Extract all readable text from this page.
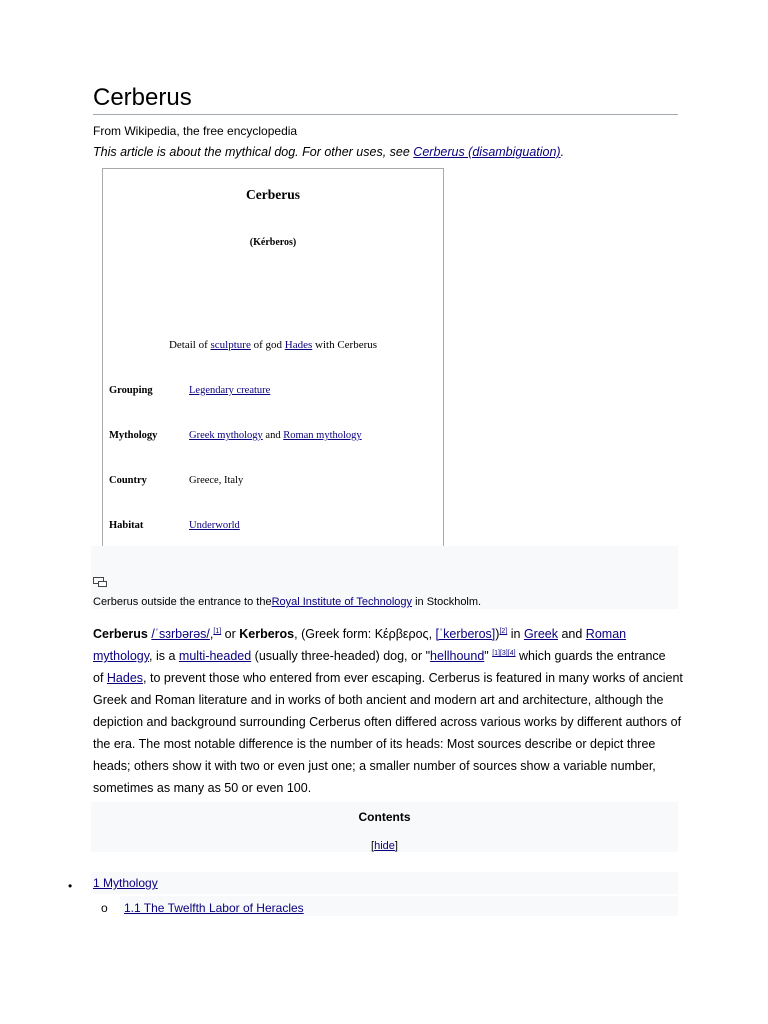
Cerberus
From Wikipedia, the free encyclopedia
This article is about the mythical dog. For other uses, see Cerberus (disambiguation).
Cerberus
(Kérberos)
Detail of sculpture of god Hades with Cerberus
Grouping	Legendary creature
Mythology	Greek mythology and Roman mythology
Country	Greece, Italy
Habitat	Underworld
Cerberus outside the entrance to theRoyal Institute of Technology in Stockholm.
Cerberus /ˈsɜrbərəs/,[1] or Kerberos, (Greek form: Κέρβερος, [ˈkerberos])[2] in Greek and Roman
mythology, is a multi-headed (usually three-headed) dog, or "hellhound" [1][3][4] which guards the entrance
of Hades, to prevent those who entered from ever escaping. Cerberus is featured in many works of ancient
Greek and Roman literature and in works of both ancient and modern art and architecture, although the
depiction and background surrounding Cerberus often differed across various works by different authors of
the era. The most notable difference is the number of its heads: Most sources describe or depict three
heads; others show it with two or even just one; a smaller number of sources show a variable number,
sometimes as many as 50 or even 100.
Contents
[hide]
• 1 Mythology
o	1.1 The Twelfth Labor of Heracles
